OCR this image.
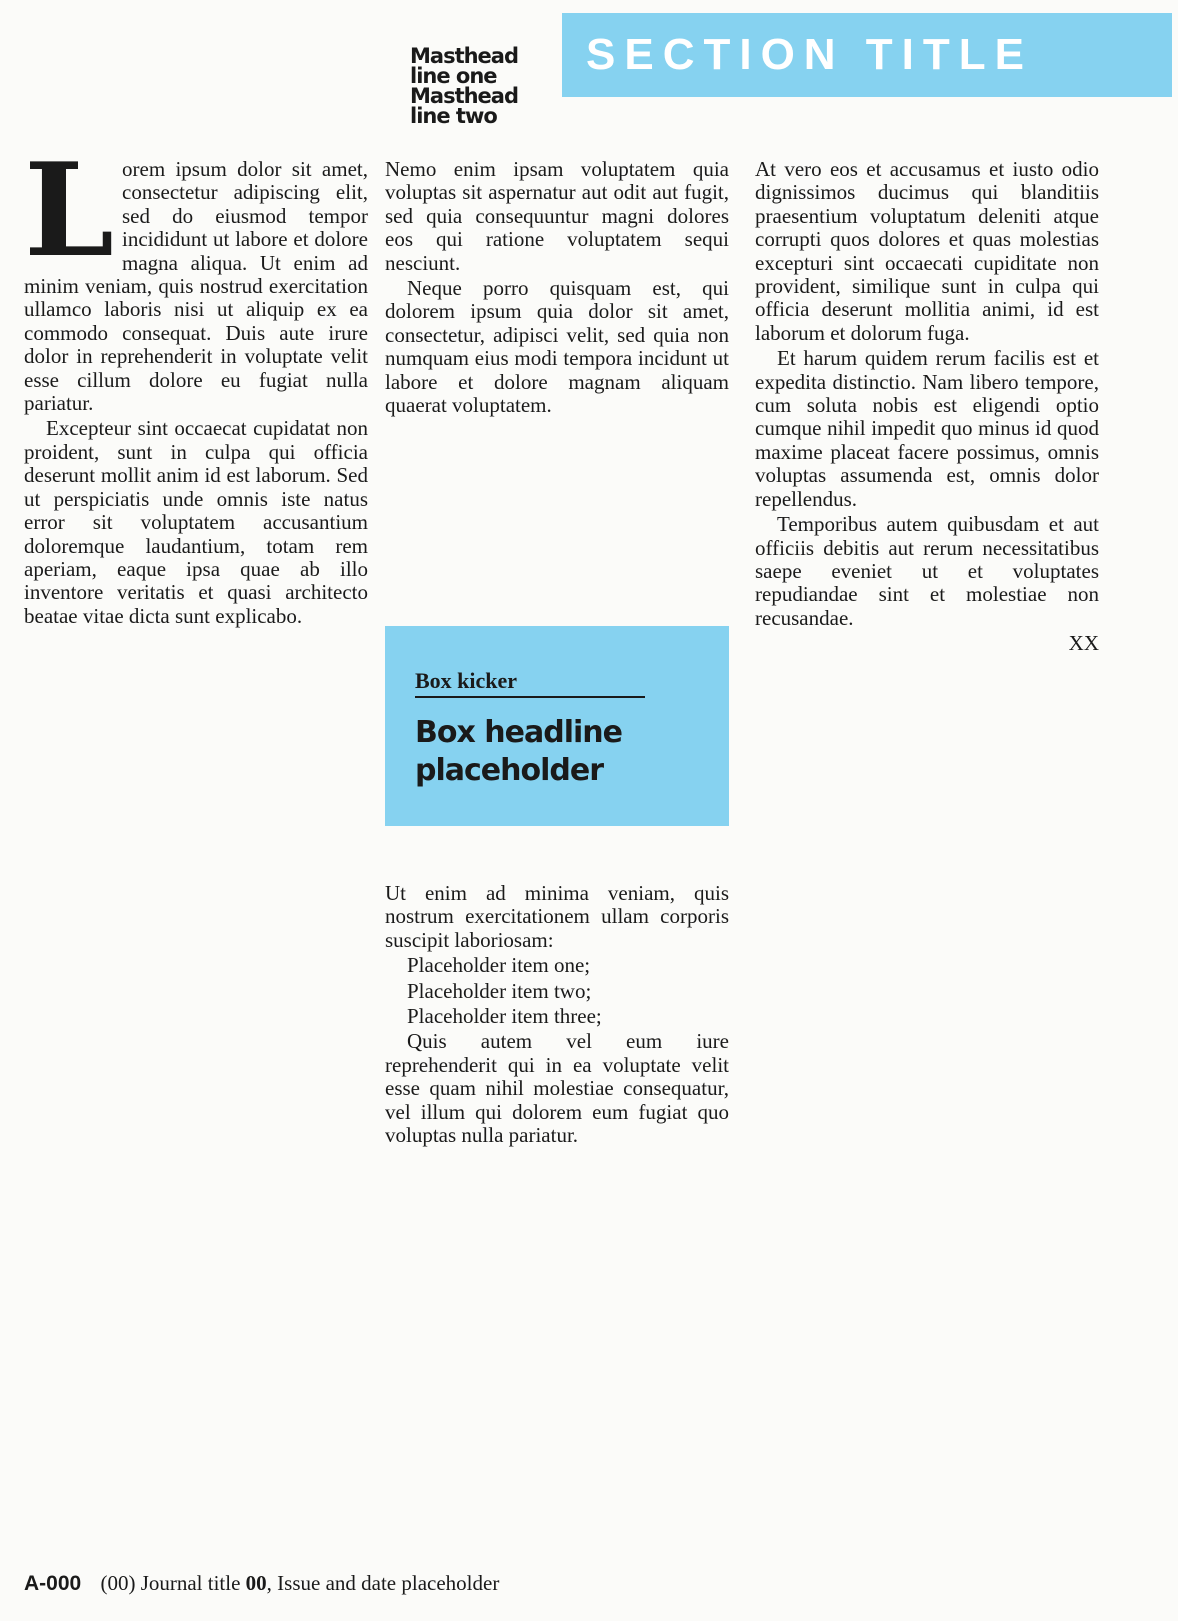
Masthead line one
Masthead line two
SECTION TITLE

Lorem ipsum dolor sit amet, consectetur adipiscing elit, sed do eiusmod tempor incididunt ut labore et dolore magna aliqua. Ut enim ad minim veniam, quis nostrud exercitation ullamco laboris nisi ut aliquip ex ea commodo consequat. Duis aute irure dolor in reprehenderit in voluptate velit esse cillum dolore eu fugiat nulla pariatur.

Excepteur sint occaecat cupidatat non proident, sunt in culpa qui officia deserunt mollit anim id est laborum. Sed ut perspiciatis unde omnis iste natus error sit voluptatem accusantium doloremque laudantium, totam rem aperiam, eaque ipsa quae ab illo inventore veritatis et quasi architecto beatae vitae dicta sunt explicabo.

Nemo enim ipsam voluptatem quia voluptas sit aspernatur aut odit aut fugit, sed quia consequuntur magni dolores eos qui ratione voluptatem sequi nesciunt.

Neque porro quisquam est, qui dolorem ipsum quia dolor sit amet, consectetur, adipisci velit, sed quia non numquam eius modi tempora incidunt ut labore et dolore magnam aliquam quaerat voluptatem.

Box kicker
Box headline placeholder

Ut enim ad minima veniam, quis nostrum exercitationem ullam corporis suscipit laboriosam:

Placeholder item one;

Placeholder item two;

Placeholder item three;

Quis autem vel eum iure reprehenderit qui in ea voluptate velit esse quam nihil molestiae consequatur, vel illum qui dolorem eum fugiat quo voluptas nulla pariatur.

At vero eos et accusamus et iusto odio dignissimos ducimus qui blanditiis praesentium voluptatum deleniti atque corrupti quos dolores et quas molestias excepturi sint occaecati cupiditate non provident, similique sunt in culpa qui officia deserunt mollitia animi, id est laborum et dolorum fuga.

Et harum quidem rerum facilis est et expedita distinctio. Nam libero tempore, cum soluta nobis est eligendi optio cumque nihil impedit quo minus id quod maxime placeat facere possimus, omnis voluptas assumenda est, omnis dolor repellendus.

Temporibus autem quibusdam et aut officiis debitis aut rerum necessitatibus saepe eveniet ut et voluptates repudiandae sint et molestiae non recusandae.

XX

A-000 (00) Journal title 00, Issue and date placeholder
